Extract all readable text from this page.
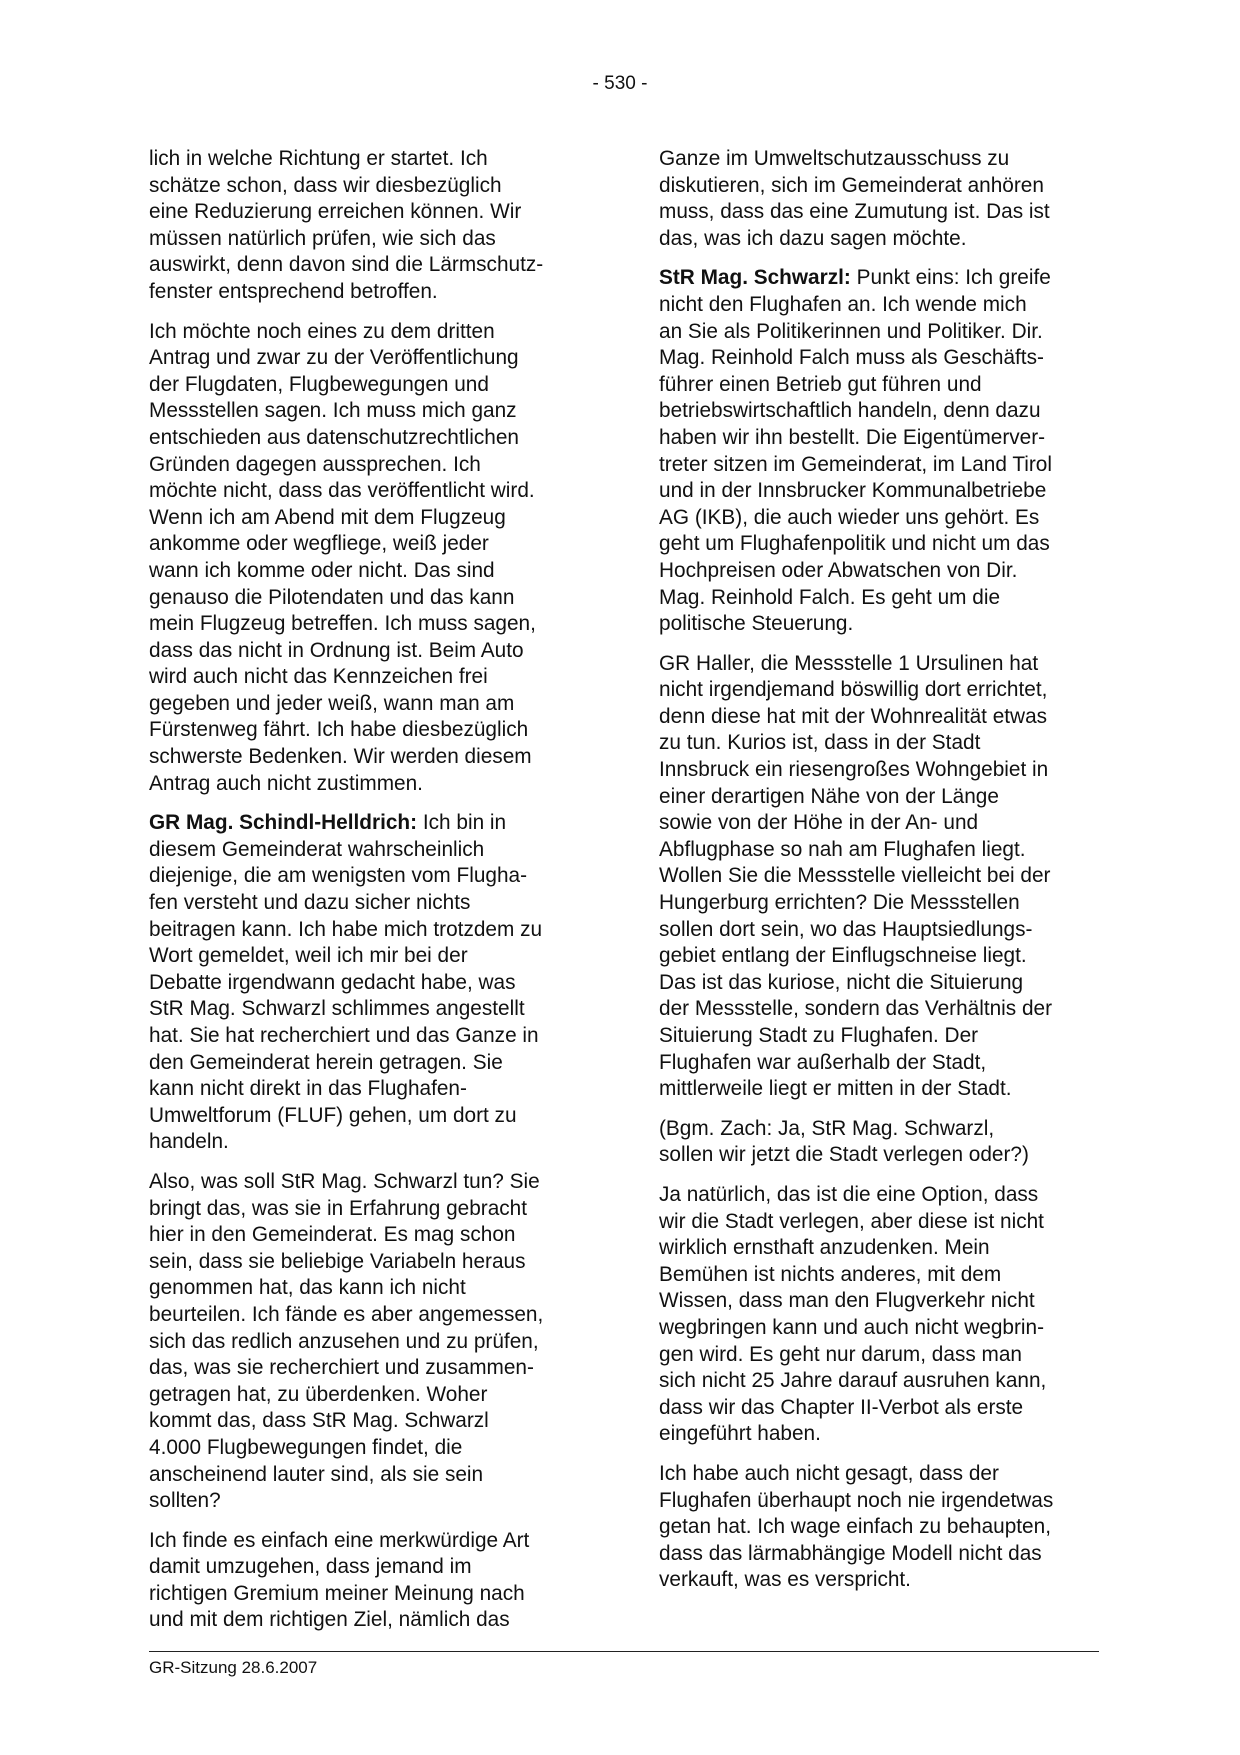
- 530 -

lich in welche Richtung er startet. Ich
schätze schon, dass wir diesbezüglich
eine Reduzierung erreichen können. Wir
müssen natürlich prüfen, wie sich das
auswirkt, denn davon sind die Lärmschutz-
fenster entsprechend betroffen.

Ich möchte noch eines zu dem dritten
Antrag und zwar zu der Veröffentlichung
der Flugdaten, Flugbewegungen und
Messstellen sagen. Ich muss mich ganz
entschieden aus datenschutzrechtlichen
Gründen dagegen aussprechen. Ich
möchte nicht, dass das veröffentlicht wird.
Wenn ich am Abend mit dem Flugzeug
ankomme oder wegfliege, weiß jeder
wann ich komme oder nicht. Das sind
genauso die Pilotendaten und das kann
mein Flugzeug betreffen. Ich muss sagen,
dass das nicht in Ordnung ist. Beim Auto
wird auch nicht das Kennzeichen frei
gegeben und jeder weiß, wann man am
Fürstenweg fährt. Ich habe diesbezüglich
schwerste Bedenken. Wir werden diesem
Antrag auch nicht zustimmen.

GR Mag. Schindl-Helldrich: Ich bin in
diesem Gemeinderat wahrscheinlich
diejenige, die am wenigsten vom Flugha-
fen versteht und dazu sicher nichts
beitragen kann. Ich habe mich trotzdem zu
Wort gemeldet, weil ich mir bei der
Debatte irgendwann gedacht habe, was
StR Mag. Schwarzl schlimmes angestellt
hat. Sie hat recherchiert und das Ganze in
den Gemeinderat herein getragen. Sie
kann nicht direkt in das Flughafen-
Umweltforum (FLUF) gehen, um dort zu
handeln.

Also, was soll StR Mag. Schwarzl tun? Sie
bringt das, was sie in Erfahrung gebracht
hier in den Gemeinderat. Es mag schon
sein, dass sie beliebige Variabeln heraus
genommen hat, das kann ich nicht
beurteilen. Ich fände es aber angemessen,
sich das redlich anzusehen und zu prüfen,
das, was sie recherchiert und zusammen-
getragen hat, zu überdenken. Woher
kommt das, dass StR Mag. Schwarzl
4.000 Flugbewegungen findet, die
anscheinend lauter sind, als sie sein
sollten?

Ich finde es einfach eine merkwürdige Art
damit umzugehen, dass jemand im
richtigen Gremium meiner Meinung nach
und mit dem richtigen Ziel, nämlich das

Ganze im Umweltschutzausschuss zu
diskutieren, sich im Gemeinderat anhören
muss, dass das eine Zumutung ist. Das ist
das, was ich dazu sagen möchte.

StR Mag. Schwarzl: Punkt eins: Ich greife
nicht den Flughafen an. Ich wende mich
an Sie als Politikerinnen und Politiker. Dir.
Mag. Reinhold Falch muss als Geschäfts-
führer einen Betrieb gut führen und
betriebswirtschaftlich handeln, denn dazu
haben wir ihn bestellt. Die Eigentümerver-
treter sitzen im Gemeinderat, im Land Tirol
und in der Innsbrucker Kommunalbetriebe
AG (IKB), die auch wieder uns gehört. Es
geht um Flughafenpolitik und nicht um das
Hochpreisen oder Abwatschen von Dir.
Mag. Reinhold Falch. Es geht um die
politische Steuerung.

GR Haller, die Messstelle 1 Ursulinen hat
nicht irgendjemand böswillig dort errichtet,
denn diese hat mit der Wohnrealität etwas
zu tun. Kurios ist, dass in der Stadt
Innsbruck ein riesengroßes Wohngebiet in
einer derartigen Nähe von der Länge
sowie von der Höhe in der An- und
Abflugphase so nah am Flughafen liegt.
Wollen Sie die Messstelle vielleicht bei der
Hungerburg errichten? Die Messstellen
sollen dort sein, wo das Hauptsiedlungs-
gebiet entlang der Einflugschneise liegt.
Das ist das kuriose, nicht die Situierung
der Messstelle, sondern das Verhältnis der
Situierung Stadt zu Flughafen. Der
Flughafen war außerhalb der Stadt,
mittlerweile liegt er mitten in der Stadt.

(Bgm. Zach: Ja, StR Mag. Schwarzl,
sollen wir jetzt die Stadt verlegen oder?)

Ja natürlich, das ist die eine Option, dass
wir die Stadt verlegen, aber diese ist nicht
wirklich ernsthaft anzudenken. Mein
Bemühen ist nichts anderes, mit dem
Wissen, dass man den Flugverkehr nicht
wegbringen kann und auch nicht wegbrin-
gen wird. Es geht nur darum, dass man
sich nicht 25 Jahre darauf ausruhen kann,
dass wir das Chapter II-Verbot als erste
eingeführt haben.

Ich habe auch nicht gesagt, dass der
Flughafen überhaupt noch nie irgendetwas
getan hat. Ich wage einfach zu behaupten,
dass das lärmabhängige Modell nicht das
verkauft, was es verspricht.

GR-Sitzung 28.6.2007
